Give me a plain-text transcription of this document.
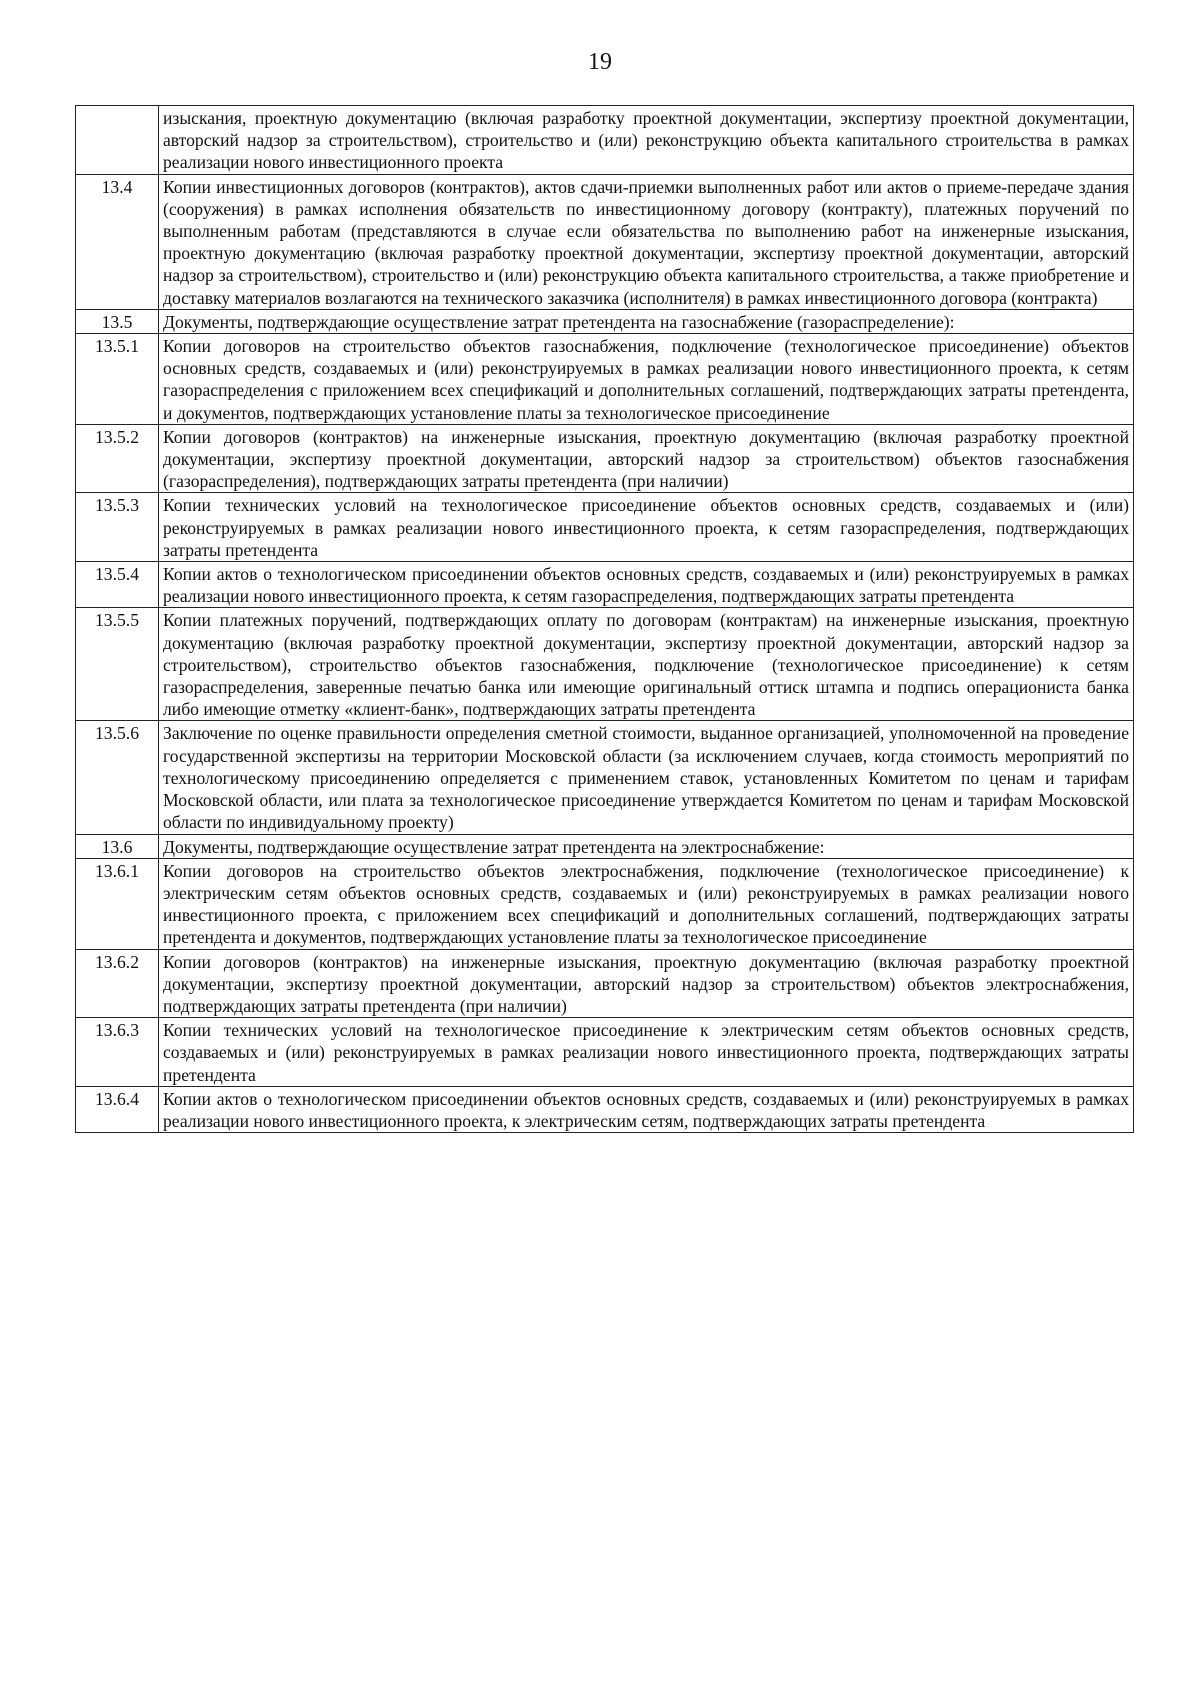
19
	изыскания, проектную документацию (включая разработку проектной документации, экспертизу проектной документации, авторский надзор за строительством), строительство и (или) реконструкцию объекта капитального строительства в рамках реализации нового инвестиционного проекта
13.4	Копии инвестиционных договоров (контрактов), актов сдачи-приемки выполненных работ или актов о приеме-передаче здания (сооружения) в рамках исполнения обязательств по инвестиционному договору (контракту), платежных поручений по выполненным работам (представляются в случае если обязательства по выполнению работ на инженерные изыскания, проектную документацию (включая разработку проектной документации, экспертизу проектной документации, авторский надзор за строительством), строительство и (или) реконструкцию объекта капитального строительства, а также приобретение и доставку материалов возлагаются на технического заказчика (исполнителя) в рамках инвестиционного договора (контракта)
13.5	Документы, подтверждающие осуществление затрат претендента на газоснабжение (газораспределение):
13.5.1	Копии договоров на строительство объектов газоснабжения, подключение (технологическое присоединение) объектов основных средств, создаваемых и (или) реконструируемых в рамках реализации нового инвестиционного проекта, к сетям газораспределения с приложением всех спецификаций и дополнительных соглашений, подтверждающих затраты претендента, и документов, подтверждающих установление платы за технологическое присоединение
13.5.2	Копии договоров (контрактов) на инженерные изыскания, проектную документацию (включая разработку проектной документации, экспертизу проектной документации, авторский надзор за строительством) объектов газоснабжения (газораспределения), подтверждающих затраты претендента (при наличии)
13.5.3	Копии технических условий на технологическое присоединение объектов основных средств, создаваемых и (или) реконструируемых в рамках реализации нового инвестиционного проекта, к сетям газораспределения, подтверждающих затраты претендента
13.5.4	Копии актов о технологическом присоединении объектов основных средств, создаваемых и (или) реконструируемых в рамках реализации нового инвестиционного проекта, к сетям газораспределения, подтверждающих затраты претендента
13.5.5	Копии платежных поручений, подтверждающих оплату по договорам (контрактам) на инженерные изыскания, проектную документацию (включая разработку проектной документации, экспертизу проектной документации, авторский надзор за строительством), строительство объектов газоснабжения, подключение (технологическое присоединение) к сетям газораспределения, заверенные печатью банка или имеющие оригинальный оттиск штампа и подпись операциониста банка либо имеющие отметку «клиент-банк», подтверждающих затраты претендента
13.5.6	Заключение по оценке правильности определения сметной стоимости, выданное организацией, уполномоченной на проведение государственной экспертизы на территории Московской области (за исключением случаев, когда стоимость мероприятий по технологическому присоединению определяется с применением ставок, установленных Комитетом по ценам и тарифам Московской области, или плата за технологическое присоединение утверждается Комитетом по ценам и тарифам Московской области по индивидуальному проекту)
13.6	Документы, подтверждающие осуществление затрат претендента на электроснабжение:
13.6.1	Копии договоров на строительство объектов электроснабжения, подключение (технологическое присоединение) к электрическим сетям объектов основных средств, создаваемых и (или) реконструируемых в рамках реализации нового инвестиционного проекта, с приложением всех спецификаций и дополнительных соглашений, подтверждающих затраты претендента и документов, подтверждающих установление платы за технологическое присоединение
13.6.2	Копии договоров (контрактов) на инженерные изыскания, проектную документацию (включая разработку проектной документации, экспертизу проектной документации, авторский надзор за строительством) объектов электроснабжения, подтверждающих затраты претендента (при наличии)
13.6.3	Копии технических условий на технологическое присоединение к электрическим сетям объектов основных средств, создаваемых и (или) реконструируемых в рамках реализации нового инвестиционного проекта, подтверждающих затраты претендента
13.6.4	Копии актов о технологическом присоединении объектов основных средств, создаваемых и (или) реконструируемых в рамках реализации нового инвестиционного проекта, к электрическим сетям, подтверждающих затраты претендента
